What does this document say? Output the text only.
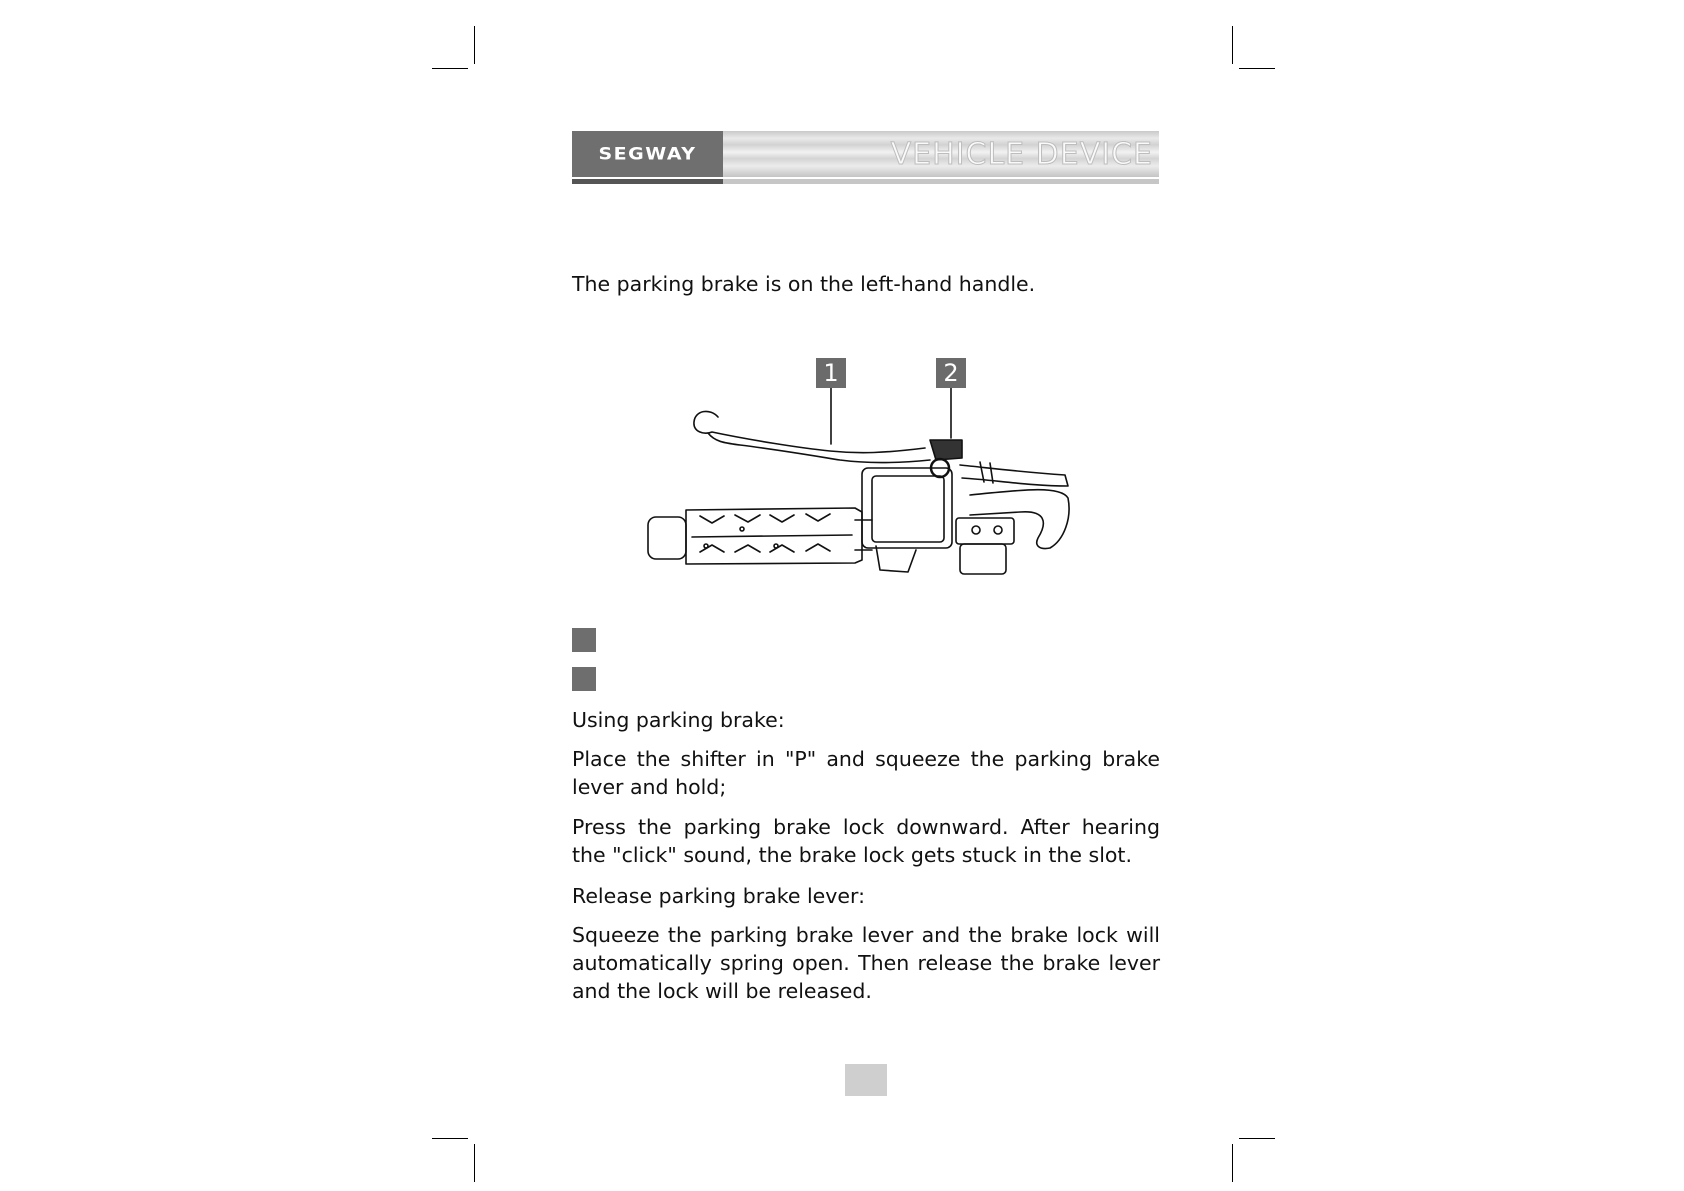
SEGWAY	VEHICLE DEVICE

The parking brake is on the left-hand handle.

1	2

Using parking brake:

Place the shifter in "P" and squeeze the parking brake lever and hold;

Press the parking brake lock downward. After hearing the "click" sound, the brake lock gets stuck in the slot.

Release parking brake lever:

Squeeze the parking brake lever and the brake lock will automatically spring open. Then release the brake lever and the lock will be released.
